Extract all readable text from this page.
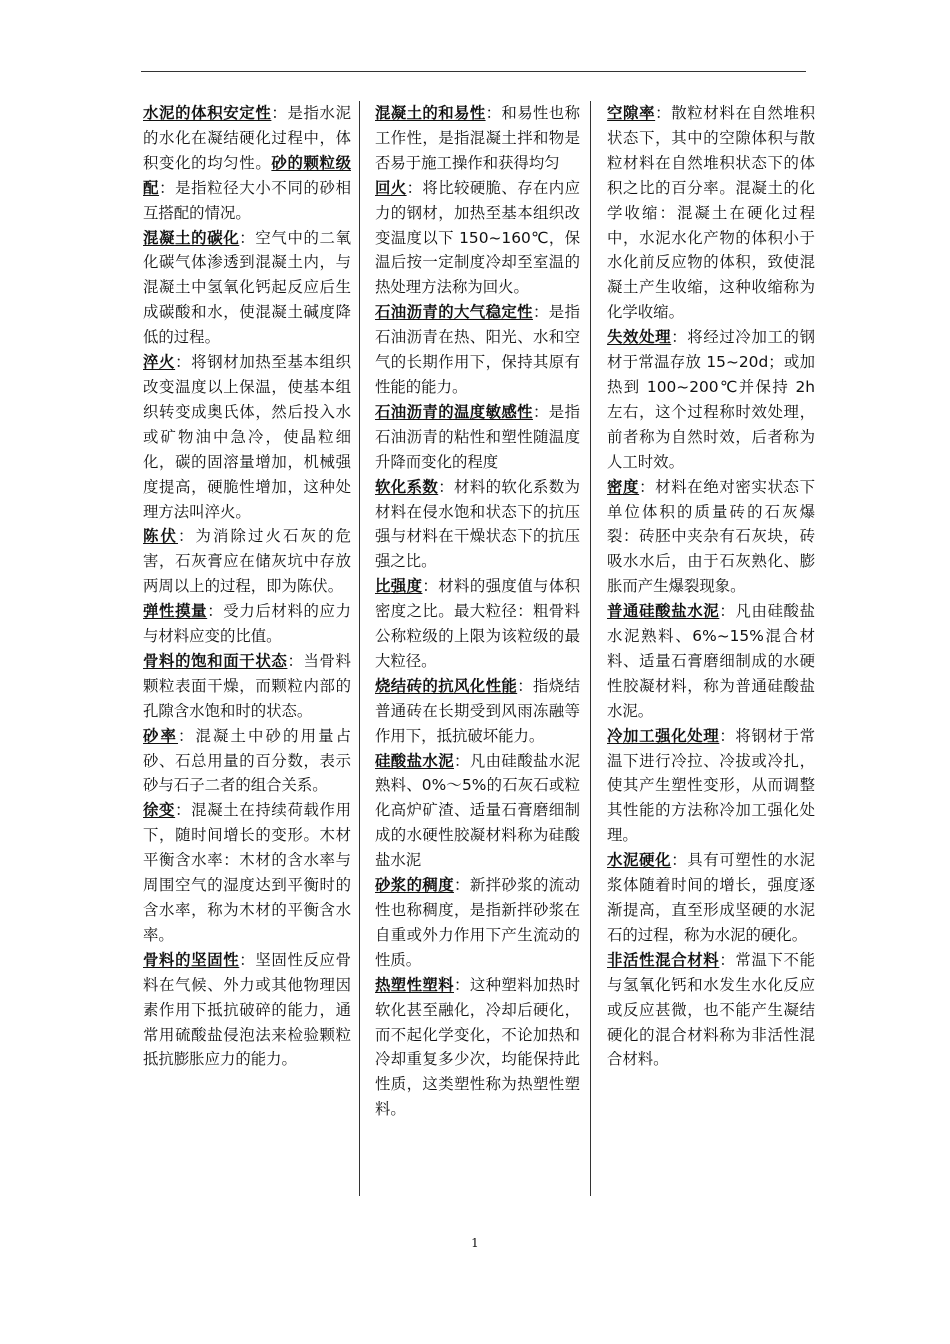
水泥的体积安定性：是指水泥的水化在凝结硬化过程中，体积变化的均匀性。砂的颗粒级配：是指粒径大小不同的砂相互搭配的情况。

混凝土的碳化：空气中的二氧化碳气体渗透到混凝土内，与混凝土中氢氧化钙起反应后生成碳酸和水，使混凝土碱度降低的过程。

淬火：将钢材加热至基本组织改变温度以上保温，使基本组织转变成奥氏体，然后投入水或矿物油中急冷，使晶粒细化，碳的固溶量增加，机械强度提高，硬脆性增加，这种处理方法叫淬火。

陈伏：为消除过火石灰的危害，石灰膏应在储灰坑中存放两周以上的过程，即为陈伏。

弹性摸量：受力后材料的应力与材料应变的比值。

骨料的饱和面干状态：当骨料颗粒表面干燥，而颗粒内部的孔隙含水饱和时的状态。

砂率：混凝土中砂的用量占砂、石总用量的百分数，表示砂与石子二者的组合关系。

徐变：混凝土在持续荷载作用下，随时间增长的变形。木材平衡含水率：木材的含水率与周围空气的湿度达到平衡时的含水率，称为木材的平衡含水率。

骨料的坚固性：坚固性反应骨料在气候、外力或其他物理因素作用下抵抗破碎的能力，通常用硫酸盐侵泡法来检验颗粒抵抗膨胀应力的能力。

混凝土的和易性：和易性也称工作性，是指混凝土拌和物是否易于施工操作和获得均匀

回火：将比较硬脆、存在内应力的钢材，加热至基本组织改变温度以下 150~160℃，保温后按一定制度冷却至室温的热处理方法称为回火。

石油沥青的大气稳定性：是指石油沥青在热、阳光、水和空气的长期作用下，保持其原有性能的能力。

石油沥青的温度敏感性：是指石油沥青的粘性和塑性随温度升降而变化的程度

软化系数：材料的软化系数为材料在侵水饱和状态下的抗压强与材料在干燥状态下的抗压强之比。

比强度：材料的强度值与体积密度之比。最大粒径：粗骨料公称粒级的上限为该粒级的最大粒径。

烧结砖的抗风化性能：指烧结普通砖在长期受到风雨冻融等作用下，抵抗破坏能力。

硅酸盐水泥：凡由硅酸盐水泥熟料、0%～5%的石灰石或粒化高炉矿渣、适量石膏磨细制成的水硬性胶凝材料称为硅酸盐水泥

砂浆的稠度：新拌砂浆的流动性也称稠度，是指新拌砂浆在自重或外力作用下产生流动的性质。

热塑性塑料：这种塑料加热时软化甚至融化，冷却后硬化，而不起化学变化，不论加热和冷却重复多少次，均能保持此性质，这类塑性称为热塑性塑料。

空隙率：散粒材料在自然堆积状态下，其中的空隙体积与散粒材料在自然堆积状态下的体积之比的百分率。混凝土的化学收缩：混凝土在硬化过程中，水泥水化产物的体积小于水化前反应物的体积，致使混凝土产生收缩，这种收缩称为化学收缩。

失效处理：将经过冷加工的钢材于常温存放 15~20d；或加热到 100~200℃并保持 2h 左右，这个过程称时效处理，前者称为自然时效，后者称为人工时效。

密度：材料在绝对密实状态下单位体积的质量砖的石灰爆裂：砖胚中夹杂有石灰块，砖吸水水后，由于石灰熟化、膨胀而产生爆裂现象。

普通硅酸盐水泥：凡由硅酸盐水泥熟料、6%~15%混合材料、适量石膏磨细制成的水硬性胶凝材料，称为普通硅酸盐水泥。

冷加工强化处理：将钢材于常温下进行冷拉、冷拔或冷扎，使其产生塑性变形，从而调整其性能的方法称冷加工强化处理。

水泥硬化：具有可塑性的水泥浆体随着时间的增长，强度逐渐提高，直至形成坚硬的水泥石的过程，称为水泥的硬化。

非活性混合材料：常温下不能与氢氧化钙和水发生水化反应或反应甚微，也不能产生凝结硬化的混合材料称为非活性混合材料。

1
